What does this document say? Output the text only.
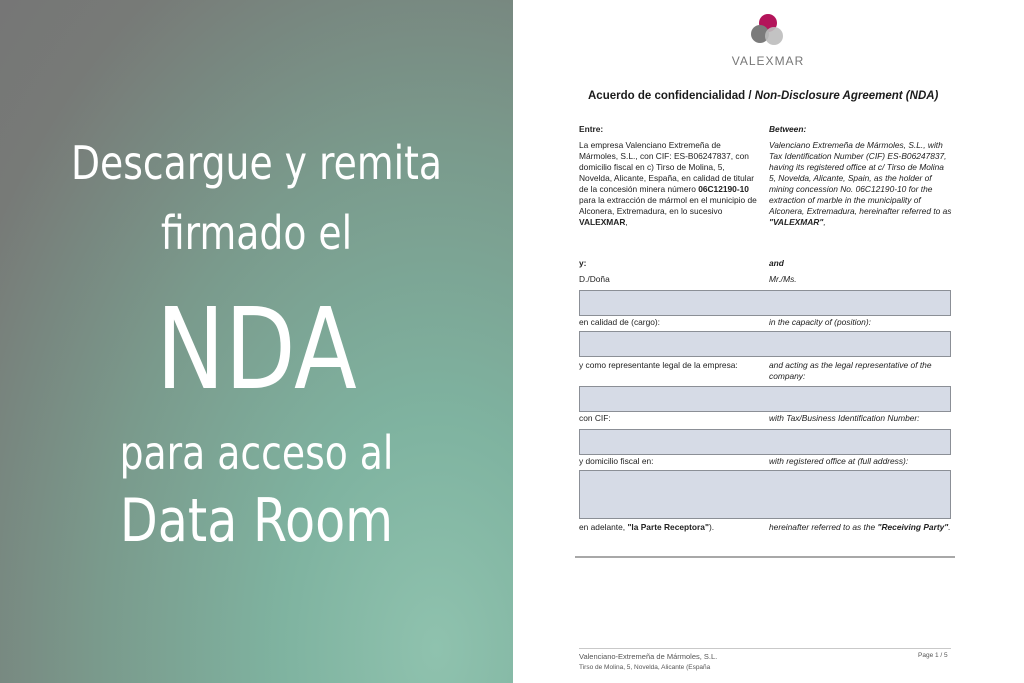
Descargue y remita
firmado el
NDA
para acceso al
Data Room
VALEXMAR
Acuerdo de confidencialidad / Non-Disclosure Agreement (NDA)
Entre:	Between:
La empresa Valenciano Extremeña de Mármoles, S.L., con CIF: ES-B06247837, con domicilio fiscal en c) Tirso de Molina, 5, Novelda, Alicante, España, en calidad de titular de la concesión minera número 06C12190-10 para la extracción de mármol en el municipio de Alconera, Extremadura, en lo sucesivo VALEXMAR,
Valenciano Extremeña de Mármoles, S.L., with Tax Identification Number (CIF) ES-B06247837, having its registered office at c/ Tirso de Molina 5, Novelda, Alicante, Spain, as the holder of mining concession No. 06C12190-10 for the extraction of marble in the municipality of Alconera, Extremadura, hereinafter referred to as "VALEXMAR",
y:	and
D./Doña	Mr./Ms.
en calidad de (cargo):	in the capacity of (position):
y como representante legal de la empresa:	and acting as the legal representative of the company:
con CIF:	with Tax/Business Identification Number:
y domicilio fiscal en:	with registered office at (full address):
en adelante, "la Parte Receptora").	hereinafter referred to as the "Receiving Party".
Valenciano-Extremeña de Mármoles, S.L.
Tirso de Molina, 5, Novelda, Alicante (España
Page 1 / 5
